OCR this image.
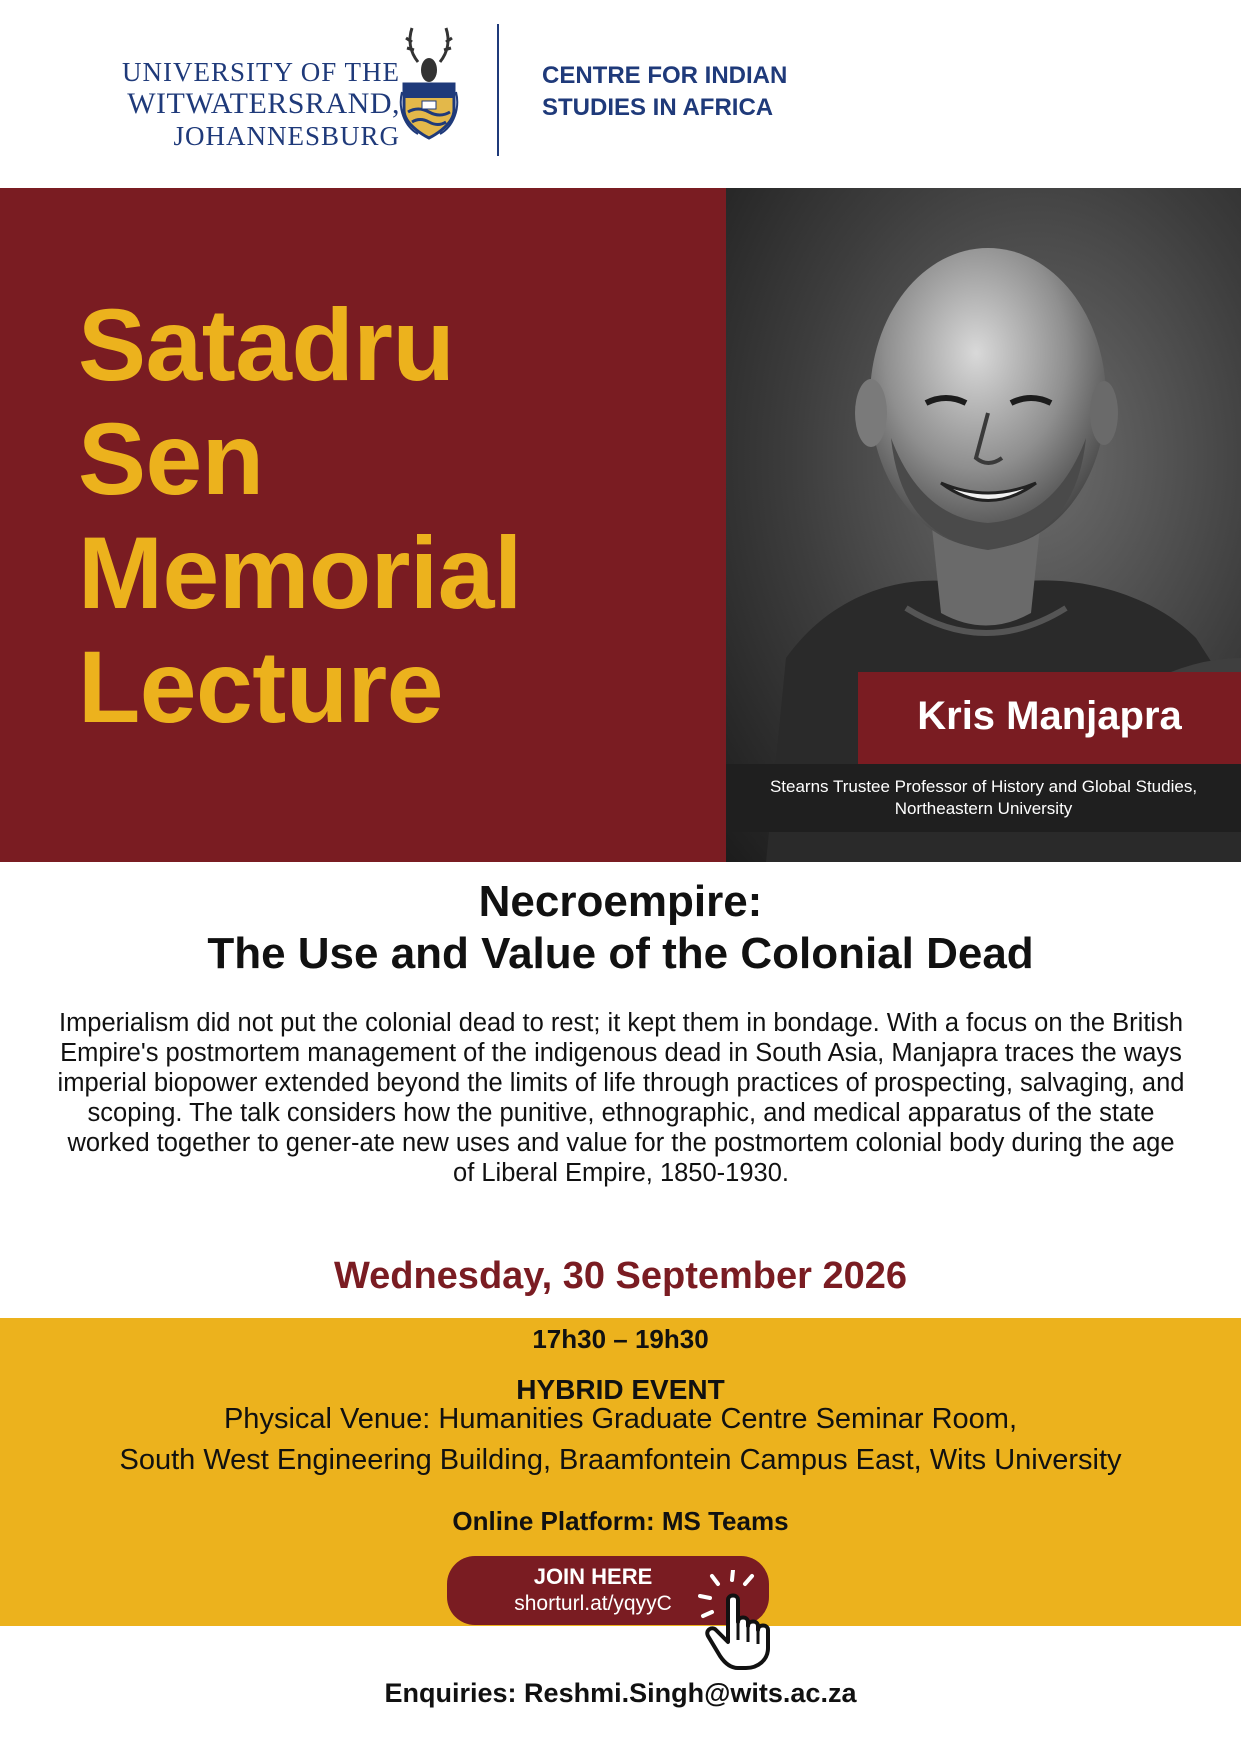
UNIVERSITY OF THE
WITWATERSRAND,
JOHANNESBURG
CENTRE FOR INDIAN
STUDIES IN AFRICA
Satadru
Sen
Memorial
Lecture	Kris Manjapra
Stearns Trustee Professor of History and Global Studies,
Northeastern University
Necroempire:
The Use and Value of the Colonial Dead
Imperialism did not put the colonial dead to rest; it kept them in bondage. With a focus on the British Empire's postmortem management of the indigenous dead in South Asia, Manjapra traces the ways imperial biopower extended beyond the limits of life through practices of prospecting, salvaging, and scoping. The talk considers how the punitive, ethnographic, and medical apparatus of the state worked together to gener-ate new uses and value for the postmortem colonial body during the age of Liberal Empire, 1850-1930.
Wednesday, 30 September 2026
17h30 – 19h30
HYBRID EVENT
Physical Venue: Humanities Graduate Centre Seminar Room,
South West Engineering Building, Braamfontein Campus East, Wits University
Online Platform: MS Teams
JOIN HERE
shorturl.at/yqyyC
Enquiries: Reshmi.Singh@wits.ac.za
